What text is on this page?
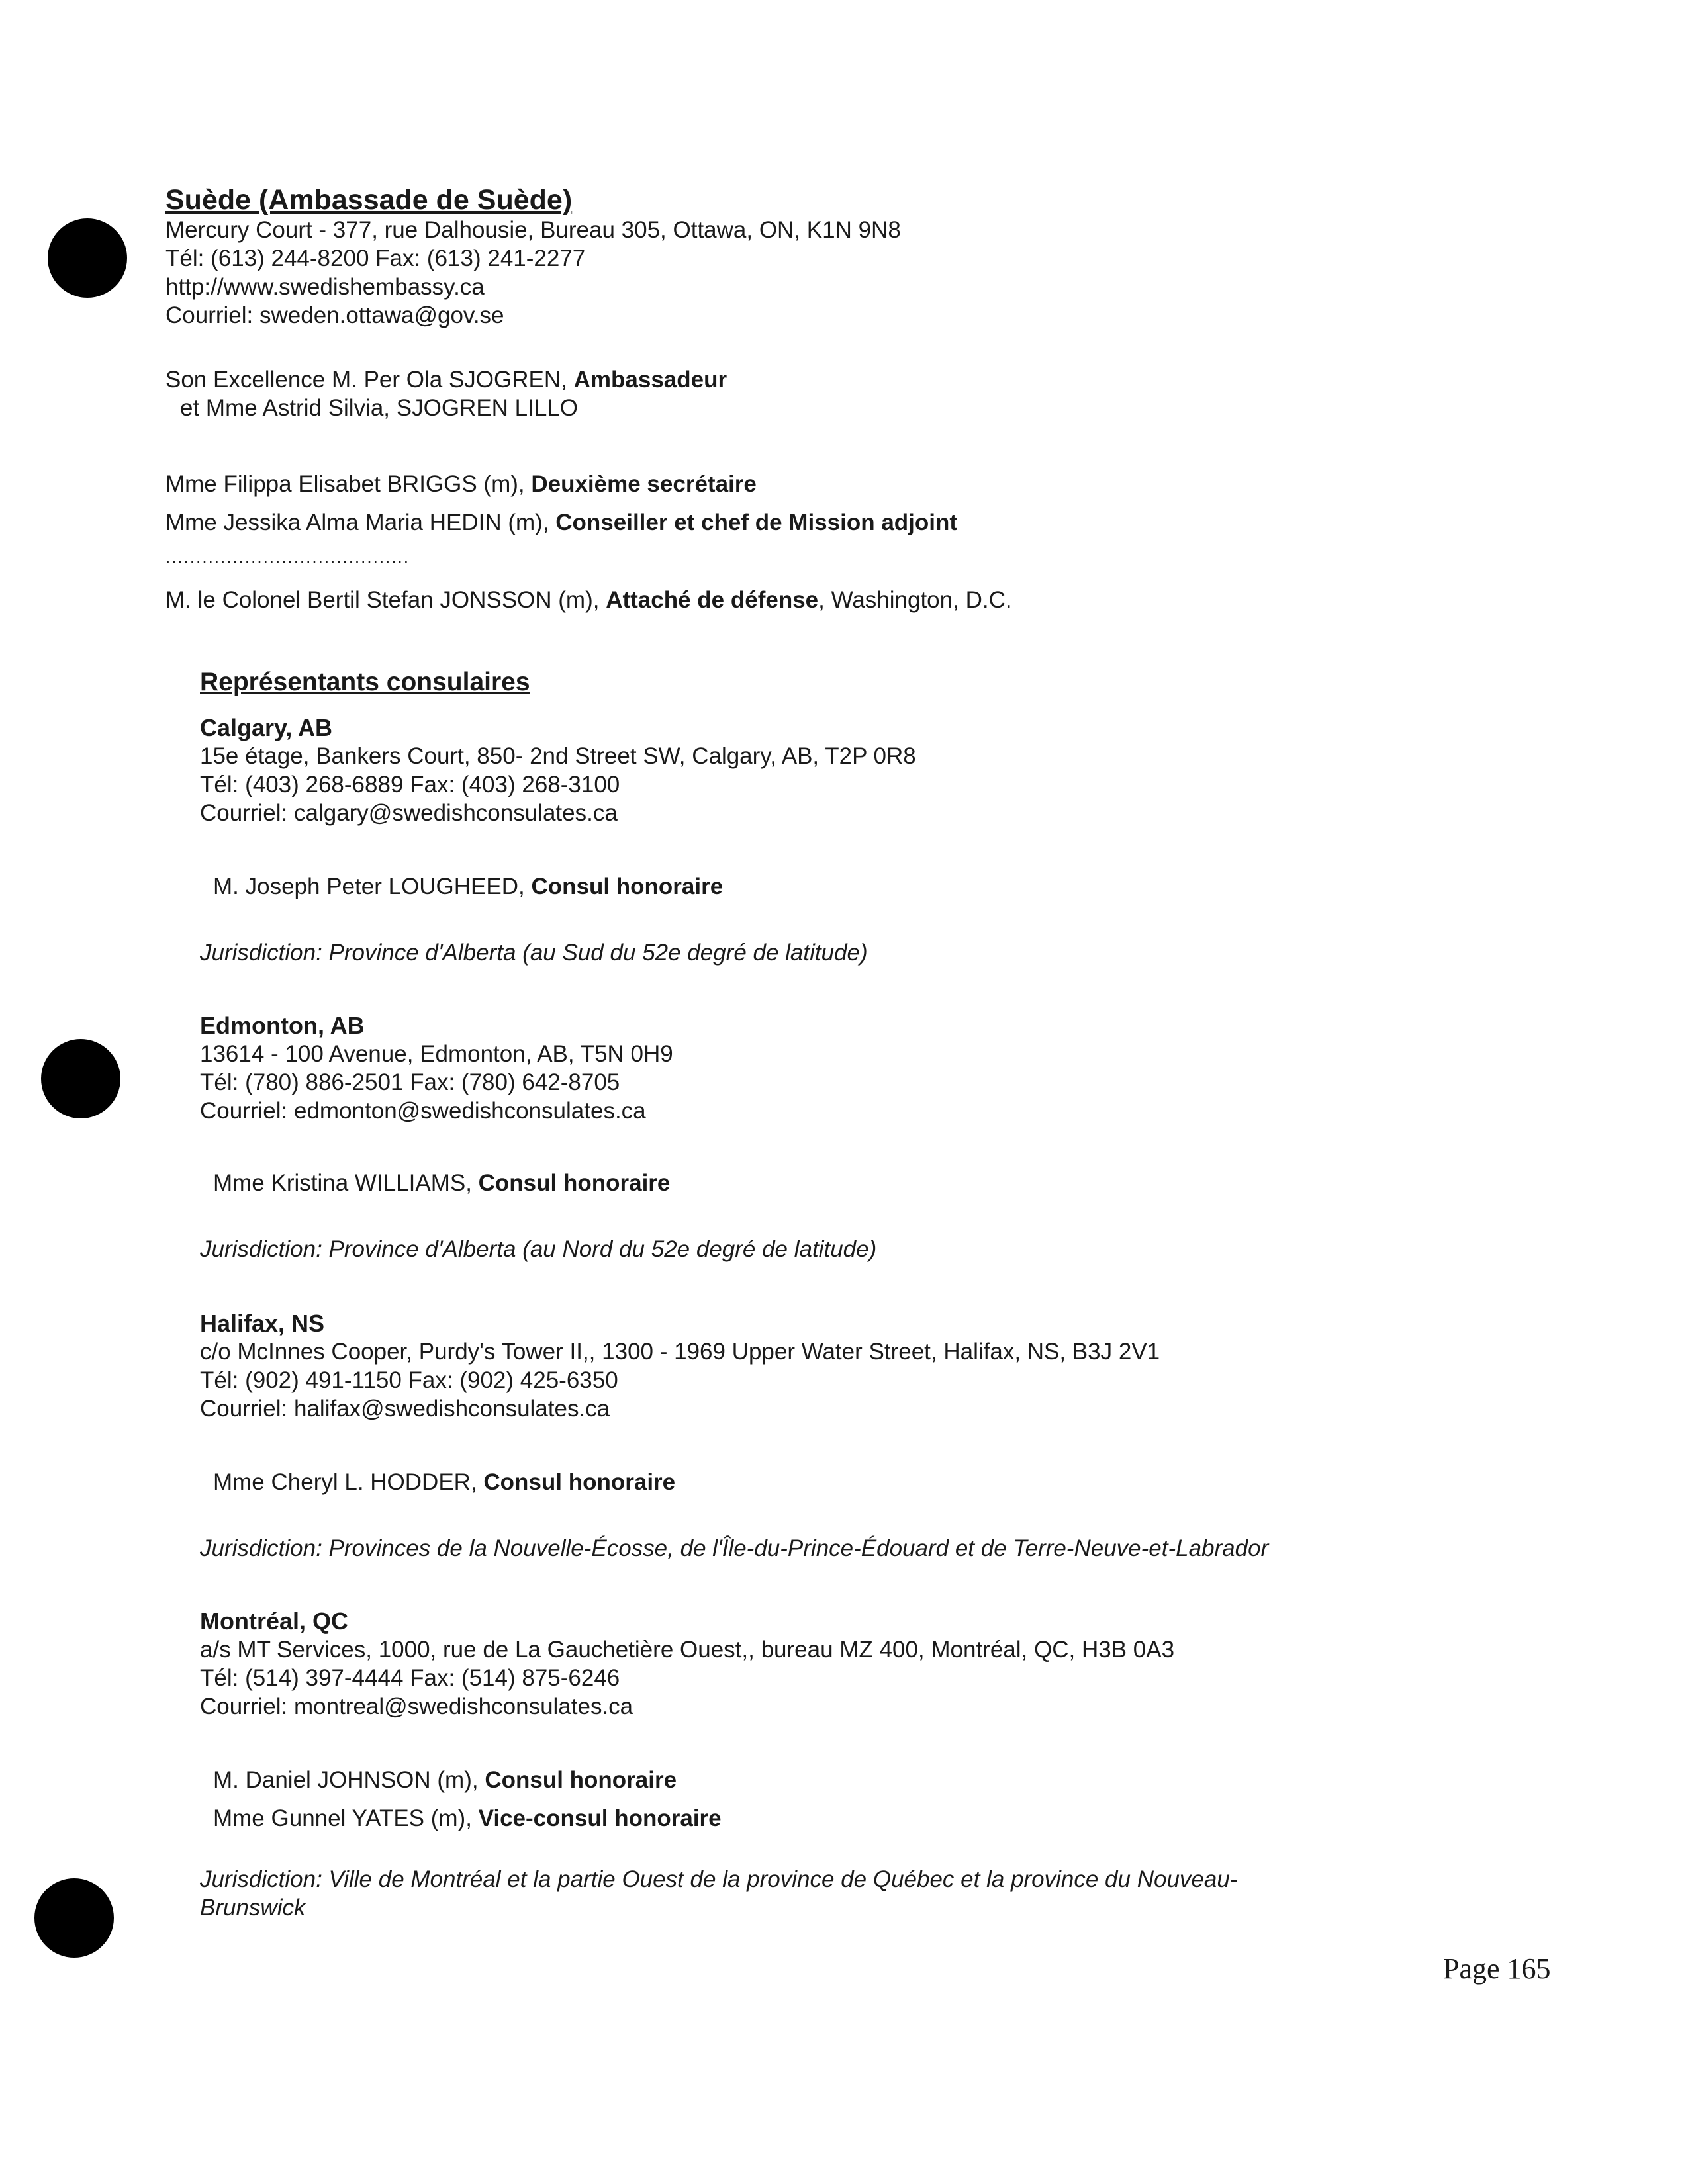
Suède (Ambassade de Suède)
Mercury Court - 377, rue Dalhousie, Bureau 305, Ottawa, ON, K1N 9N8
Tél: (613) 244-8200 Fax: (613) 241-2277
http://www.swedishembassy.ca
Courriel: sweden.ottawa@gov.se
Son Excellence M. Per Ola SJOGREN, Ambassadeur
et Mme Astrid Silvia, SJOGREN LILLO
Mme Filippa Elisabet BRIGGS (m), Deuxième secrétaire
Mme Jessika Alma Maria HEDIN (m), Conseiller et chef de Mission adjoint
........................................
M. le Colonel Bertil Stefan JONSSON (m), Attaché de défense, Washington, D.C.
Représentants consulaires
Calgary, AB
15e étage, Bankers Court, 850- 2nd Street SW, Calgary, AB, T2P 0R8
Tél: (403) 268-6889 Fax: (403) 268-3100
Courriel: calgary@swedishconsulates.ca
M. Joseph Peter LOUGHEED, Consul honoraire
Jurisdiction: Province d'Alberta (au Sud du 52e degré de latitude)
Edmonton, AB
13614 - 100 Avenue, Edmonton, AB, T5N 0H9
Tél: (780) 886-2501 Fax: (780) 642-8705
Courriel: edmonton@swedishconsulates.ca
Mme Kristina WILLIAMS, Consul honoraire
Jurisdiction: Province d'Alberta (au Nord du 52e degré de latitude)
Halifax, NS
c/o McInnes Cooper, Purdy's Tower II,, 1300 - 1969 Upper Water Street, Halifax, NS, B3J 2V1
Tél: (902) 491-1150 Fax: (902) 425-6350
Courriel: halifax@swedishconsulates.ca
Mme Cheryl L. HODDER, Consul honoraire
Jurisdiction: Provinces de la Nouvelle-Écosse, de l'Île-du-Prince-Édouard et de Terre-Neuve-et-Labrador
Montréal, QC
a/s MT Services, 1000, rue de La Gauchetière Ouest,, bureau MZ 400, Montréal, QC, H3B 0A3
Tél: (514) 397-4444 Fax: (514) 875-6246
Courriel: montreal@swedishconsulates.ca
M. Daniel JOHNSON (m), Consul honoraire
Mme Gunnel YATES (m), Vice-consul honoraire
Jurisdiction: Ville de Montréal et la partie Ouest de la province de Québec et la province du Nouveau-
Brunswick
Page 165
